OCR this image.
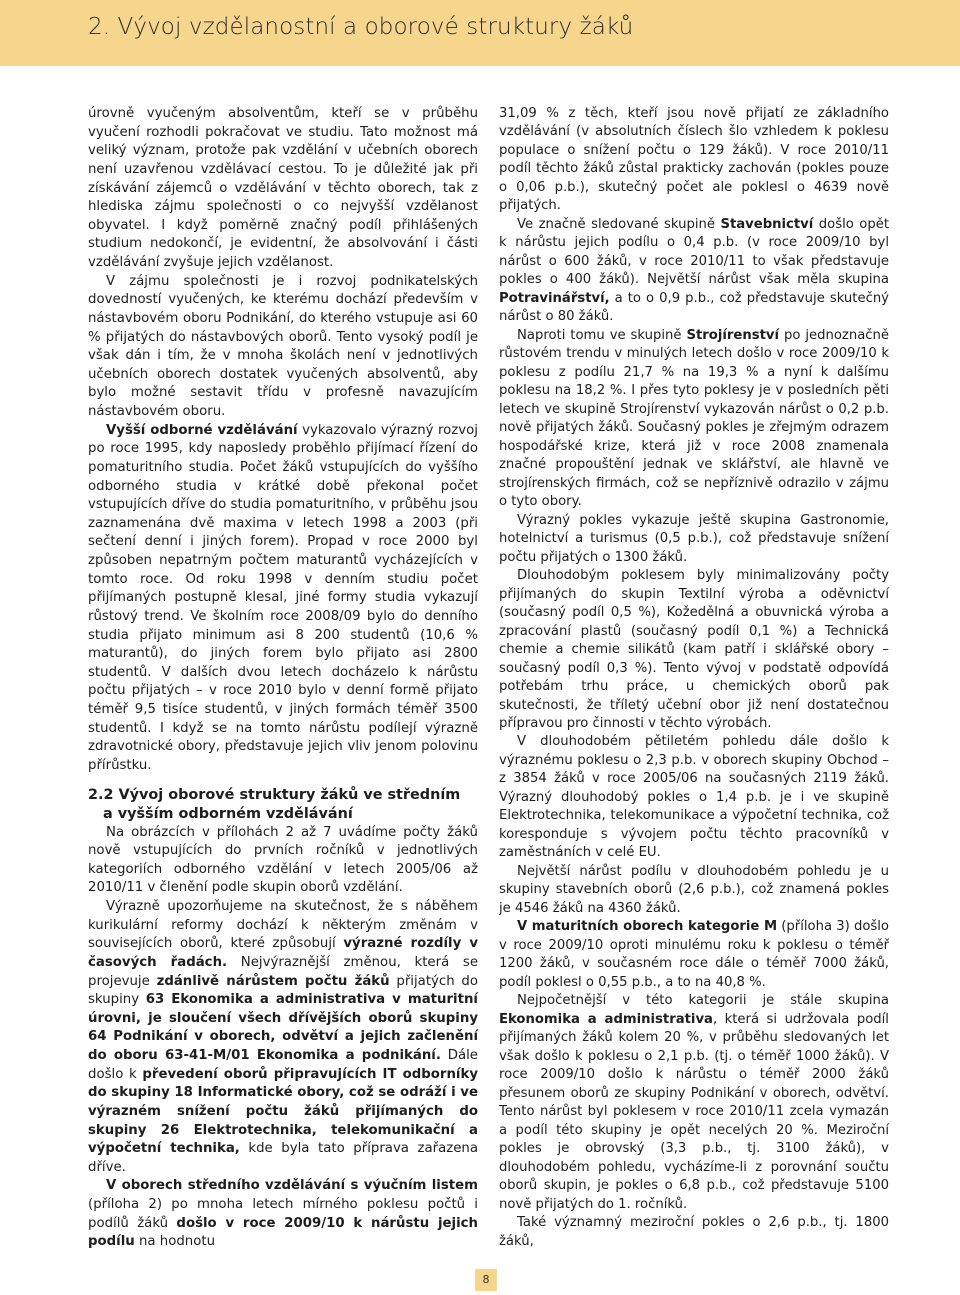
2. Vývoj vzdělanostní a oborové struktury žáků

úrovně vyučeným absolventům, kteří se v průběhu vyučení rozhodli pokračovat ve studiu. Tato možnost má veliký význam, protože pak vzdělání v učebních oborech není uzavřenou vzdělávací cestou. To je důležité jak při získávání zájemců o vzdělávání v těchto oborech, tak z hlediska zájmu společnosti o co nejvyšší vzdělanost obyvatel. I když poměrně značný podíl přihlášených studium nedokončí, je evidentní, že absolvování i části vzdělávání zvyšuje jejich vzdělanost.

V zájmu společnosti je i rozvoj podnikatelských dovedností vyučených, ke kterému dochází především v nástavbovém oboru Podnikání, do kterého vstupuje asi 60 % přijatých do nástavbových oborů. Tento vysoký podíl je však dán i tím, že v mnoha školách není v jednotlivých učebních oborech dostatek vyučených absolventů, aby bylo možné sestavit třídu v profesně navazujícím nástavbovém oboru.

Vyšší odborné vzdělávání vykazovalo výrazný rozvoj po roce 1995, kdy naposledy proběhlo přijímací řízení do pomaturitního studia. Počet žáků vstupujících do vyššího odborného studia v krátké době překonal počet vstupujících dříve do studia pomaturitního, v průběhu jsou zaznamenána dvě maxima v letech 1998 a 2003 (při sečtení denní i jiných forem). Propad v roce 2000 byl způsoben nepatrným počtem maturantů vycházejících v tomto roce. Od roku 1998 v denním studiu počet přijímaných postupně klesal, jiné formy studia vykazují růstový trend. Ve školním roce 2008/09 bylo do denního studia přijato minimum asi 8 200 studentů (10,6 % maturantů), do jiných forem bylo přijato asi 2800 studentů. V dalších dvou letech docházelo k nárůstu počtu přijatých – v roce 2010 bylo v denní formě přijato téměř 9,5 tisíce studentů, v jiných formách téměř 3500 studentů. I když se na tomto nárůstu podílejí výrazně zdravotnické obory, představuje jejich vliv jenom polovinu přírůstku.

2.2 Vývoj oborové struktury žáků ve středním
a vyšším odborném vzdělávání

Na obrázcích v přílohách 2 až 7 uvádíme počty žáků nově vstupujících do prvních ročníků v jednotlivých kategoriích odborného vzdělání v letech 2005/06 až 2010/11 v členění podle skupin oborů vzdělání.

Výrazně upozorňujeme na skutečnost, že s náběhem kurikulární reformy dochází k některým změnám v souvisejících oborů, které způsobují výrazné rozdíly v časových řadách. Nejvýraznější změnou, která se projevuje zdánlivě nárůstem počtu žáků přijatých do skupiny 63 Ekonomika a administrativa v maturitní úrovni, je sloučení všech dřívějších oborů skupiny 64 Podnikání v oborech, odvětví a jejich začlenění do oboru 63-41-M/01 Ekonomika a podnikání. Dále došlo k převedení oborů připravujících IT odborníky do skupiny 18 Informatické obory, což se odráží i ve výrazném snížení počtu žáků přijímaných do skupiny 26 Elektrotechnika, telekomunikační a výpočetní technika, kde byla tato příprava zařazena dříve.

V oborech středního vzdělávání s výučním listem (příloha 2) po mnoha letech mírného poklesu počtů i podílů žáků došlo v roce 2009/10 k nárůstu jejich podílu na hodnotu

31,09 % z těch, kteří jsou nově přijatí ze základního vzdělávání (v absolutních číslech šlo vzhledem k poklesu populace o snížení počtu o 129 žáků). V roce 2010/11 podíl těchto žáků zůstal prakticky zachován (pokles pouze o 0,06 p.b.), skutečný počet ale poklesl o 4639 nově přijatých.

Ve značně sledované skupině Stavebnictví došlo opět k nárůstu jejich podílu o 0,4 p.b. (v roce 2009/10 byl nárůst o 600 žáků, v roce 2010/11 to však představuje pokles o 400 žáků). Největší nárůst však měla skupina Potravinářství, a to o 0,9 p.b., což představuje skutečný nárůst o 80 žáků.

Naproti tomu ve skupině Strojírenství po jednoznačně růstovém trendu v minulých letech došlo v roce 2009/10 k poklesu z podílu 21,7 % na 19,3 % a nyní k dalšímu poklesu na 18,2 %. I přes tyto poklesy je v posledních pěti letech ve skupině Strojírenství vykazován nárůst o 0,2 p.b. nově přijatých žáků. Současný pokles je zřejmým odrazem hospodářské krize, která již v roce 2008 znamenala značné propouštění jednak ve sklářství, ale hlavně ve strojírenských firmách, což se nepříznivě odrazilo v zájmu o tyto obory.

Výrazný pokles vykazuje ještě skupina Gastronomie, hotelnictví a turismus (0,5 p.b.), což představuje snížení počtu přijatých o 1300 žáků.

Dlouhodobým poklesem byly minimalizovány počty přijímaných do skupin Textilní výroba a oděvnictví (současný podíl 0,5 %), Kožedělná a obuvnická výroba a zpracování plastů (současný podíl 0,1 %) a Technická chemie a chemie silikátů (kam patří i sklářské obory – současný podíl 0,3 %). Tento vývoj v podstatě odpovídá potřebám trhu práce, u chemických oborů pak skutečnosti, že tříletý učební obor již není dostatečnou přípravou pro činnosti v těchto výrobách.

V dlouhodobém pětiletém pohledu dále došlo k výraznému poklesu o 2,3 p.b. v oborech skupiny Obchod – z 3854 žáků v roce 2005/06 na současných 2119 žáků. Výrazný dlouhodobý pokles o 1,4 p.b. je i ve skupině Elektrotechnika, telekomunikace a výpočetní technika, což koresponduje s vývojem počtu těchto pracovníků v zaměstnáních v celé EU.

Největší nárůst podílu v dlouhodobém pohledu je u skupiny stavebních oborů (2,6 p.b.), což znamená pokles je 4546 žáků na 4360 žáků.

V maturitních oborech kategorie M (příloha 3) došlo v roce 2009/10 oproti minulému roku k poklesu o téměř 1200 žáků, v současném roce dále o téměř 7000 žáků, podíl poklesl o 0,55 p.b., a to na 40,8 %.

Nejpočetnější v této kategorii je stále skupina Ekonomika a administrativa, která si udržovala podíl přijímaných žáků kolem 20 %, v průběhu sledovaných let však došlo k poklesu o 2,1 p.b. (tj. o téměř 1000 žáků). V roce 2009/10 došlo k nárůstu o téměř 2000 žáků přesunem oborů ze skupiny Podnikání v oborech, odvětví. Tento nárůst byl poklesem v roce 2010/11 zcela vymazán a podíl této skupiny je opět necelých 20 %. Meziroční pokles je obrovský (3,3 p.b., tj. 3100 žáků), v dlouhodobém pohledu, vycházíme-li z porovnání součtu oborů skupin, je pokles o 6,8 p.b., což představuje 5100 nově přijatých do 1. ročníků.

Také významný meziroční pokles o 2,6 p.b., tj. 1800 žáků,

8
